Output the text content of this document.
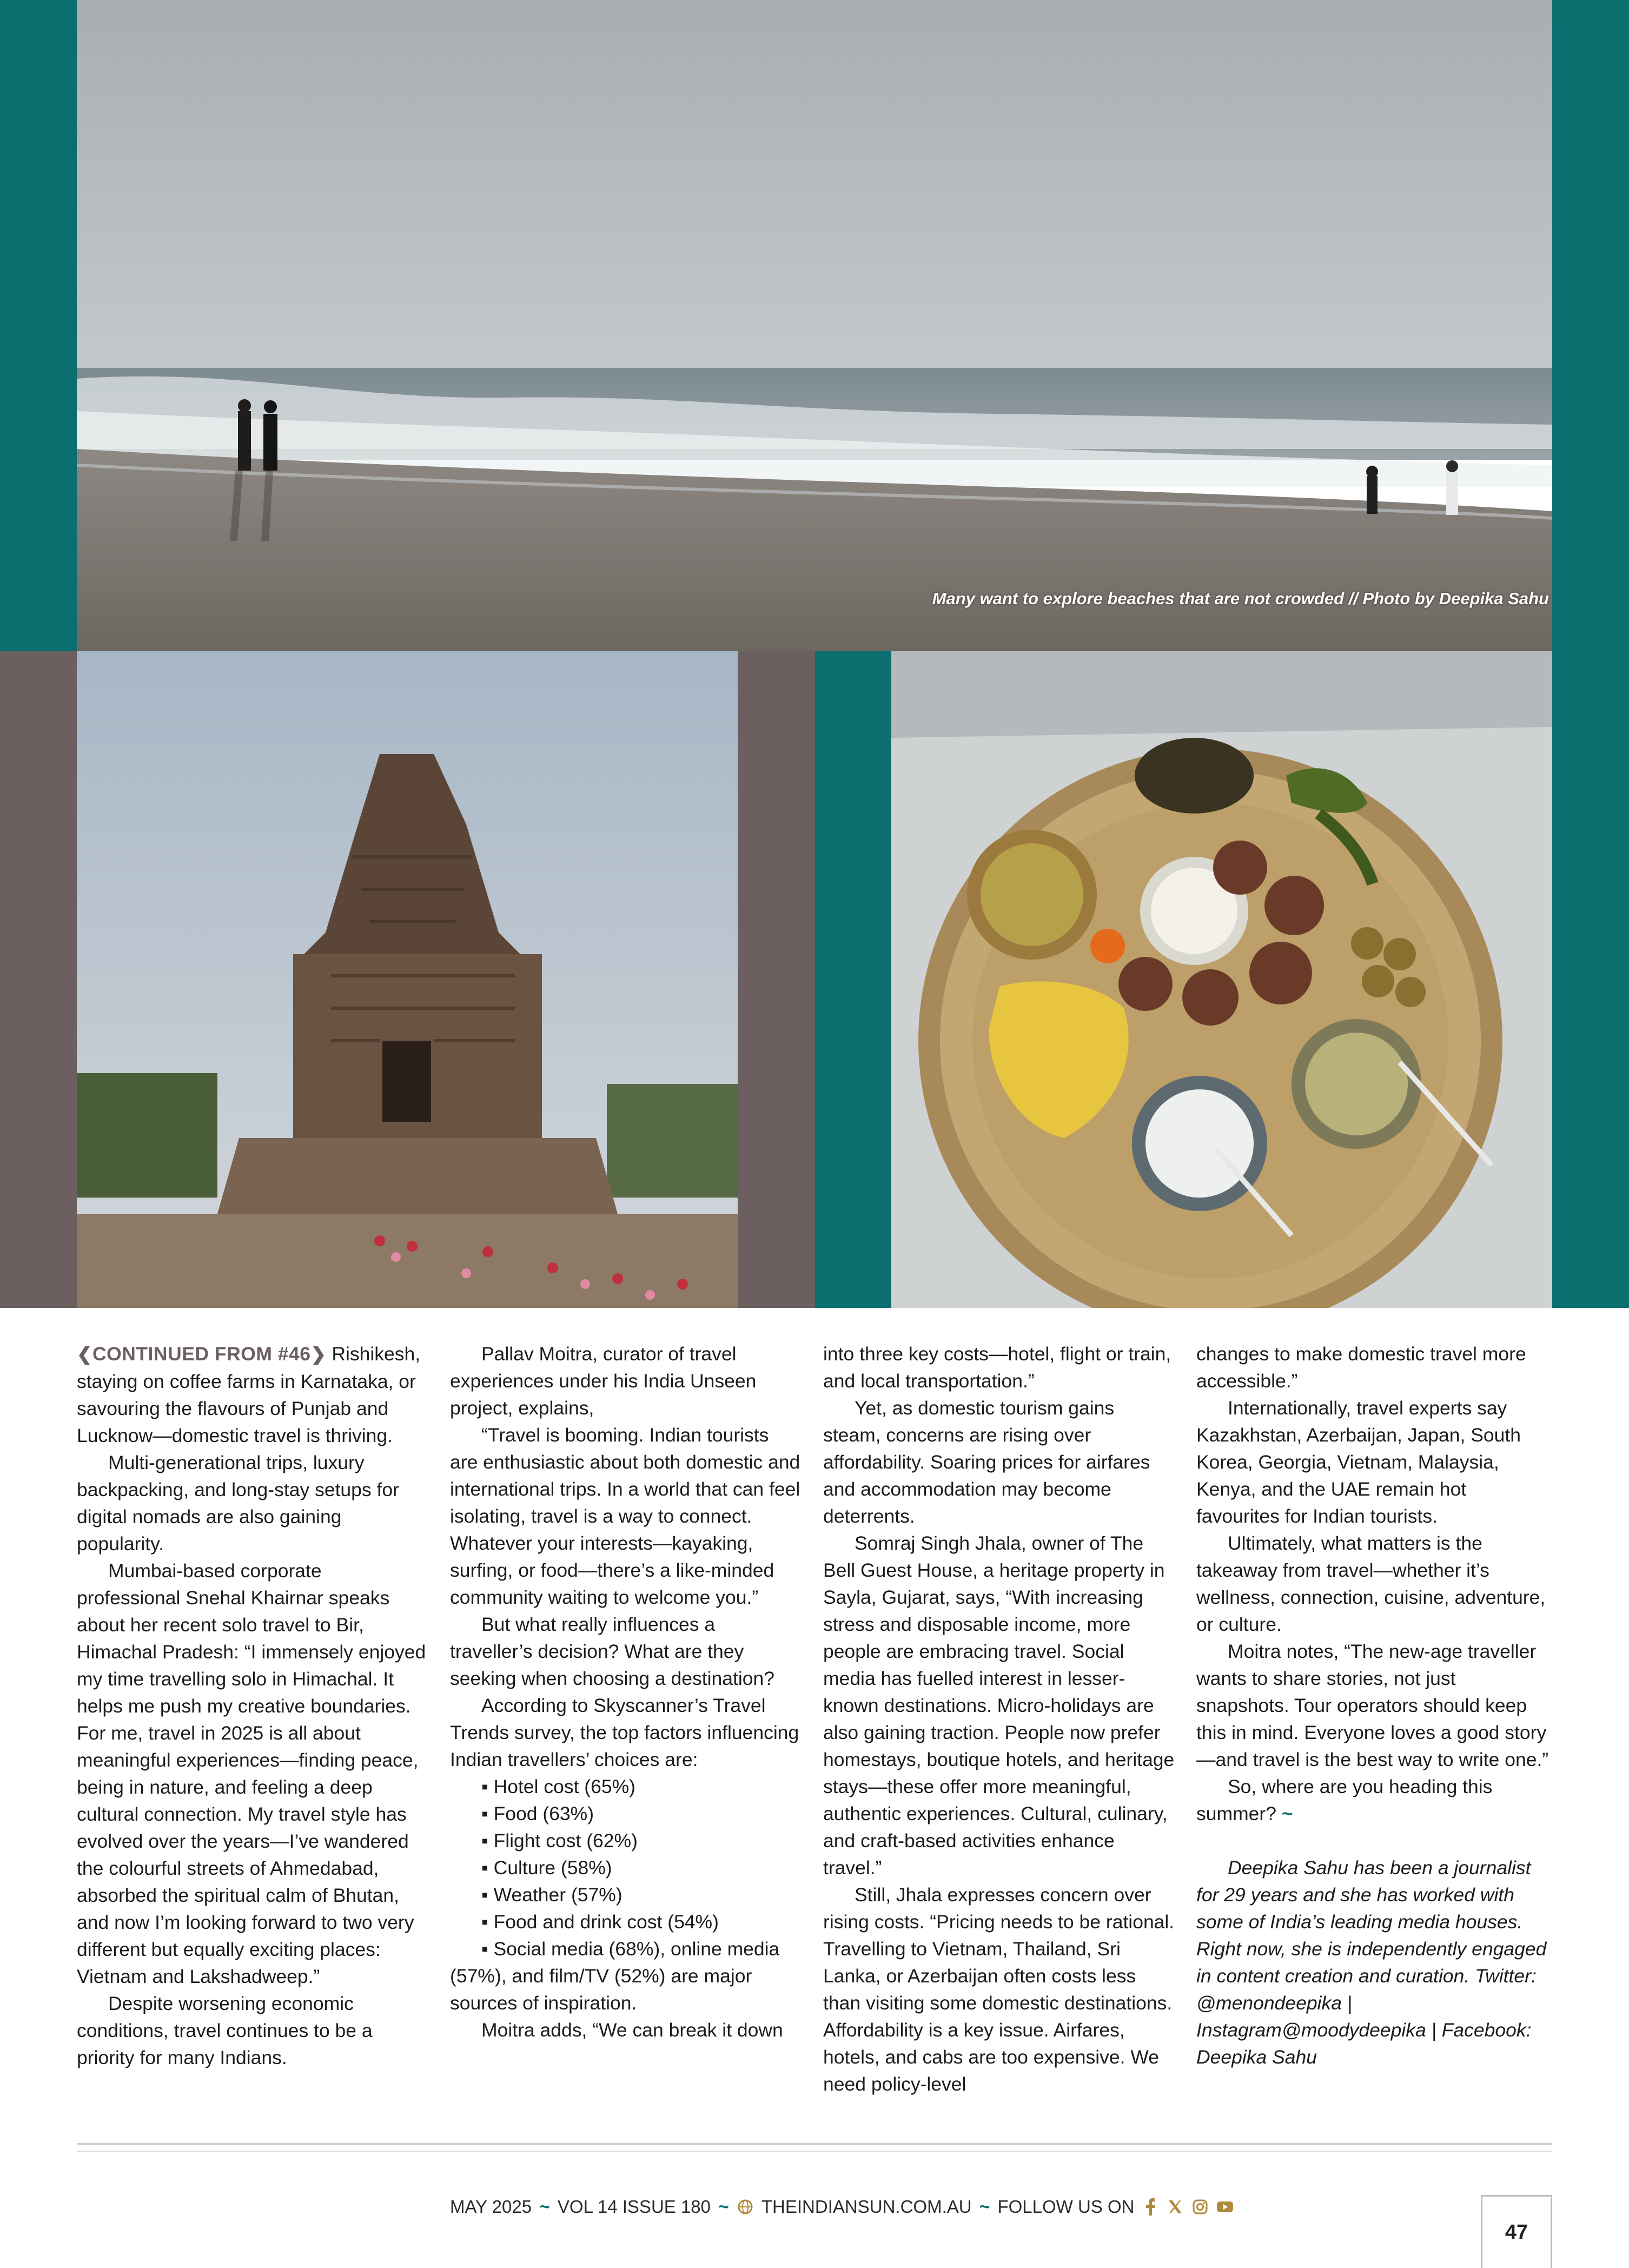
Many want to explore beaches that are not crowded // Photo by Deepika Sahu

❮CONTINUED FROM #46❯ Rishikesh, staying on coffee farms in Karnataka, or savouring the flavours of Punjab and Lucknow—domestic travel is thriving.

Multi-generational trips, luxury backpacking, and long-stay setups for digital nomads are also gaining popularity.

Mumbai-based corporate professional Snehal Khairnar speaks about her recent solo travel to Bir, Himachal Pradesh: “I immensely enjoyed my time travelling solo in Himachal. It helps me push my creative boundaries. For me, travel in 2025 is all about meaningful experiences—finding peace, being in nature, and feeling a deep cultural connection. My travel style has evolved over the years—I’ve wandered the colourful streets of Ahmedabad, absorbed the spiritual calm of Bhutan, and now I’m looking forward to two very different but equally exciting places: Vietnam and Lakshadweep.”

Despite worsening economic conditions, travel continues to be a priority for many Indians.

Pallav Moitra, curator of travel experiences under his India Unseen project, explains,

“Travel is booming. Indian tourists are enthusiastic about both domestic and international trips. In a world that can feel isolating, travel is a way to connect. Whatever your interests—kayaking, surfing, or food—there’s a like-minded community waiting to welcome you.”

But what really influences a traveller’s decision? What are they seeking when choosing a destination?

According to Skyscanner’s Travel Trends survey, the top factors influencing Indian travellers’ choices are:

▪ Hotel cost (65%)
▪ Food (63%)
▪ Flight cost (62%)
▪ Culture (58%)
▪ Weather (57%)
▪ Food and drink cost (54%)

▪ Social media (68%), online media (57%), and film/TV (52%) are major sources of inspiration.

Moitra adds, “We can break it down

into three key costs—hotel, flight or train, and local transportation.”

Yet, as domestic tourism gains steam, concerns are rising over affordability. Soaring prices for airfares and accommodation may become deterrents.

Somraj Singh Jhala, owner of The Bell Guest House, a heritage property in Sayla, Gujarat, says, “With increasing stress and disposable income, more people are embracing travel. Social media has fuelled interest in lesser-known destinations. Micro-holidays are also gaining traction. People now prefer homestays, boutique hotels, and heritage stays—these offer more meaningful, authentic experiences. Cultural, culinary, and craft-based activities enhance travel.”

Still, Jhala expresses concern over rising costs. “Pricing needs to be rational. Travelling to Vietnam, Thailand, Sri Lanka, or Azerbaijan often costs less than visiting some domestic destinations. Affordability is a key issue. Airfares, hotels, and cabs are too expensive. We need policy-level

changes to make domestic travel more accessible.”

Internationally, travel experts say Kazakhstan, Azerbaijan, Japan, South Korea, Georgia, Vietnam, Malaysia, Kenya, and the UAE remain hot favourites for Indian tourists.

Ultimately, what matters is the takeaway from travel—whether it’s wellness, connection, cuisine, adventure, or culture.

Moitra notes, “The new-age traveller wants to share stories, not just snapshots. Tour operators should keep this in mind. Everyone loves a good story—and travel is the best way to write one.”

So, where are you heading this summer? ~

Deepika Sahu has been a journalist for 29 years and she has worked with some of India’s leading media houses. Right now, she is independently engaged in content creation and curation. Twitter: @menondeepika | Instagram@moodydeepika | Facebook: Deepika Sahu

MAY 2025 ~ VOL 14 ISSUE 180 ~ THEINDIANSUN.COM.AU ~ FOLLOW US ON
47
